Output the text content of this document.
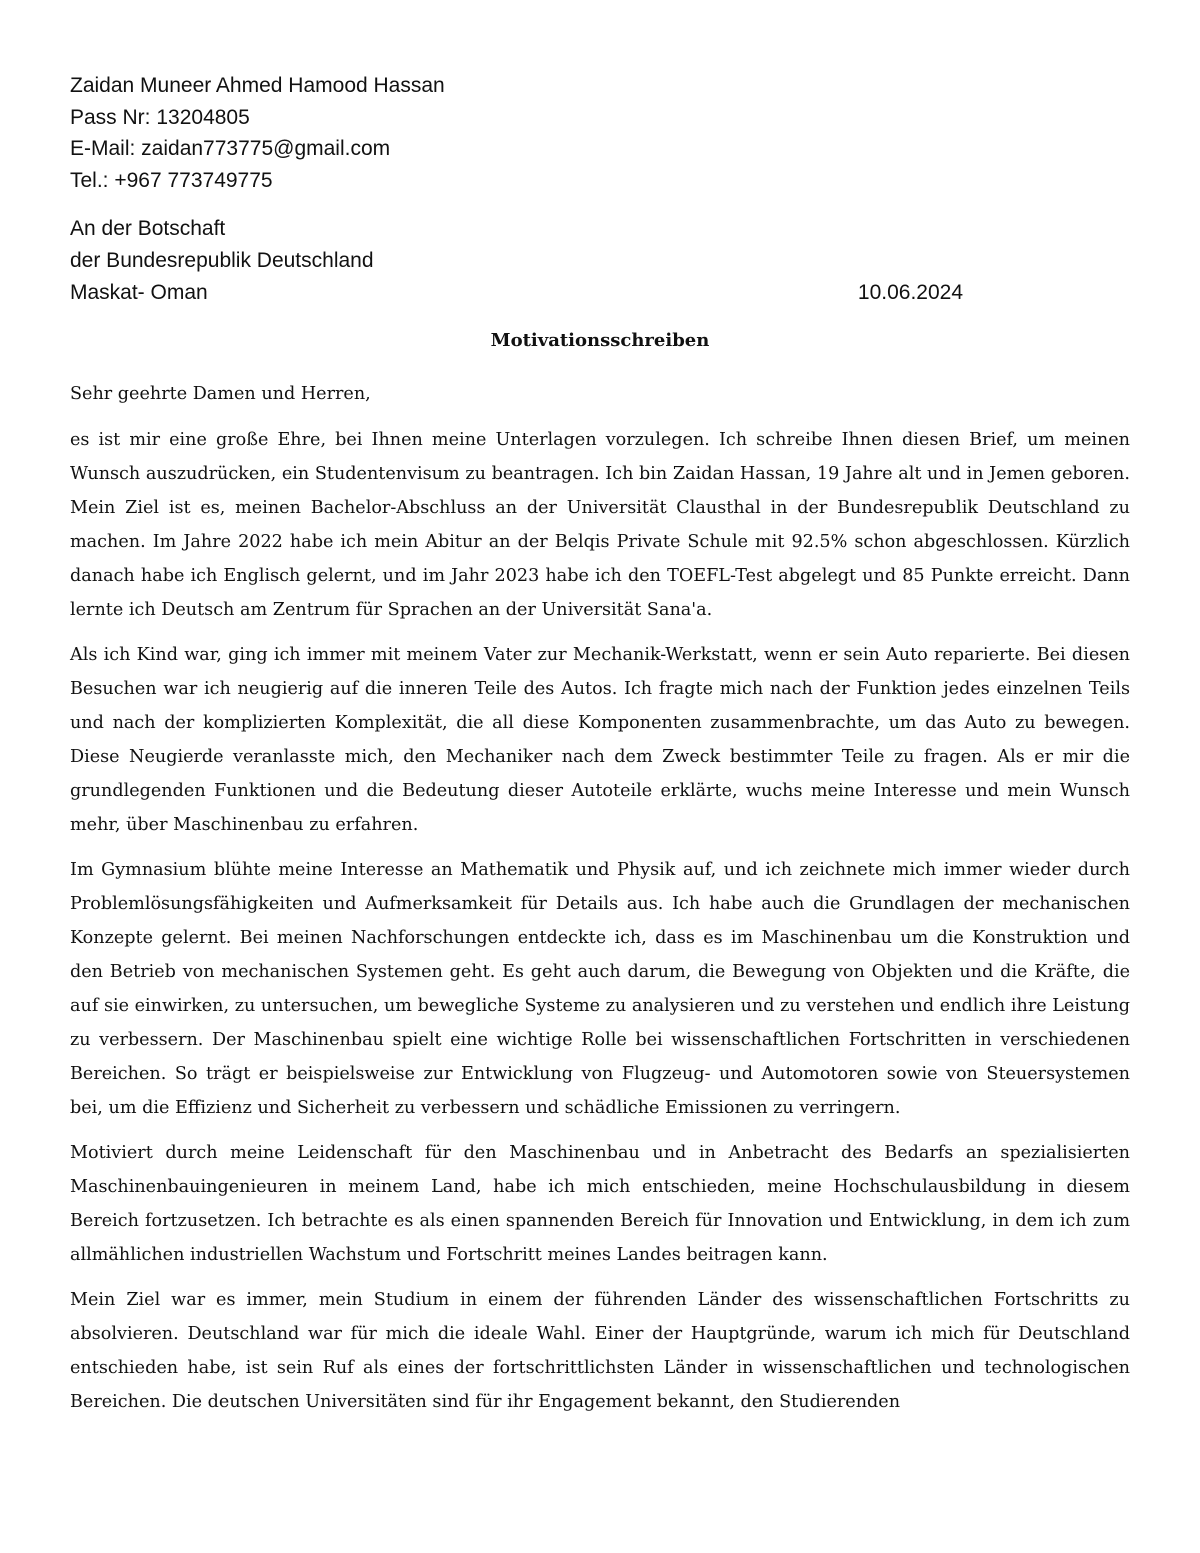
Zaidan Muneer Ahmed Hamood Hassan
Pass Nr: 13204805
E-Mail: zaidan773775@gmail.com
Tel.: +967 773749775
An der Botschaft
der Bundesrepublik Deutschland
Maskat- Oman	10.06.2024
Motivationsschreiben

Sehr geehrte Damen und Herren,

es ist mir eine große Ehre, bei Ihnen meine Unterlagen vorzulegen. Ich schreibe Ihnen diesen Brief, um meinen Wunsch auszudrücken, ein Studentenvisum zu beantragen. Ich bin Zaidan Hassan, 19 Jahre alt und in Jemen geboren. Mein Ziel ist es, meinen Bachelor-Abschluss an der Universität Clausthal in der Bundesrepublik Deutschland zu machen. Im Jahre 2022 habe ich mein Abitur an der Belqis Private Schule mit 92.5% schon abgeschlossen. Kürzlich danach habe ich Englisch gelernt, und im Jahr 2023 habe ich den TOEFL-Test abgelegt und 85 Punkte erreicht. Dann lernte ich Deutsch am Zentrum für Sprachen an der Universität Sana'a.

Als ich Kind war, ging ich immer mit meinem Vater zur Mechanik-Werkstatt, wenn er sein Auto reparierte. Bei diesen Besuchen war ich neugierig auf die inneren Teile des Autos. Ich fragte mich nach der Funktion jedes einzelnen Teils und nach der komplizierten Komplexität, die all diese Komponenten zusammenbrachte, um das Auto zu bewegen. Diese Neugierde veranlasste mich, den Mechaniker nach dem Zweck bestimmter Teile zu fragen. Als er mir die grundlegenden Funktionen und die Bedeutung dieser Autoteile erklärte, wuchs meine Interesse und mein Wunsch mehr, über Maschinenbau zu erfahren.

Im Gymnasium blühte meine Interesse an Mathematik und Physik auf, und ich zeichnete mich immer wieder durch Problemlösungsfähigkeiten und Aufmerksamkeit für Details aus. Ich habe auch die Grundlagen der mechanischen Konzepte gelernt. Bei meinen Nachforschungen entdeckte ich, dass es im Maschinenbau um die Konstruktion und den Betrieb von mechanischen Systemen geht. Es geht auch darum, die Bewegung von Objekten und die Kräfte, die auf sie einwirken, zu untersuchen, um bewegliche Systeme zu analysieren und zu verstehen und endlich ihre Leistung zu verbessern. Der Maschinenbau spielt eine wichtige Rolle bei wissenschaftlichen Fortschritten in verschiedenen Bereichen. So trägt er beispielsweise zur Entwicklung von Flugzeug- und Automotoren sowie von Steuersystemen bei, um die Effizienz und Sicherheit zu verbessern und schädliche Emissionen zu verringern.

Motiviert durch meine Leidenschaft für den Maschinenbau und in Anbetracht des Bedarfs an spezialisierten Maschinenbauingenieuren in meinem Land, habe ich mich entschieden, meine Hochschulausbildung in diesem Bereich fortzusetzen. Ich betrachte es als einen spannenden Bereich für Innovation und Entwicklung, in dem ich zum allmählichen industriellen Wachstum und Fortschritt meines Landes beitragen kann.

Mein Ziel war es immer, mein Studium in einem der führenden Länder des wissenschaftlichen Fortschritts zu absolvieren. Deutschland war für mich die ideale Wahl. Einer der Hauptgründe, warum ich mich für Deutschland entschieden habe, ist sein Ruf als eines der fortschrittlichsten Länder in wissenschaftlichen und technologischen Bereichen. Die deutschen Universitäten sind für ihr Engagement bekannt, den Studierenden
